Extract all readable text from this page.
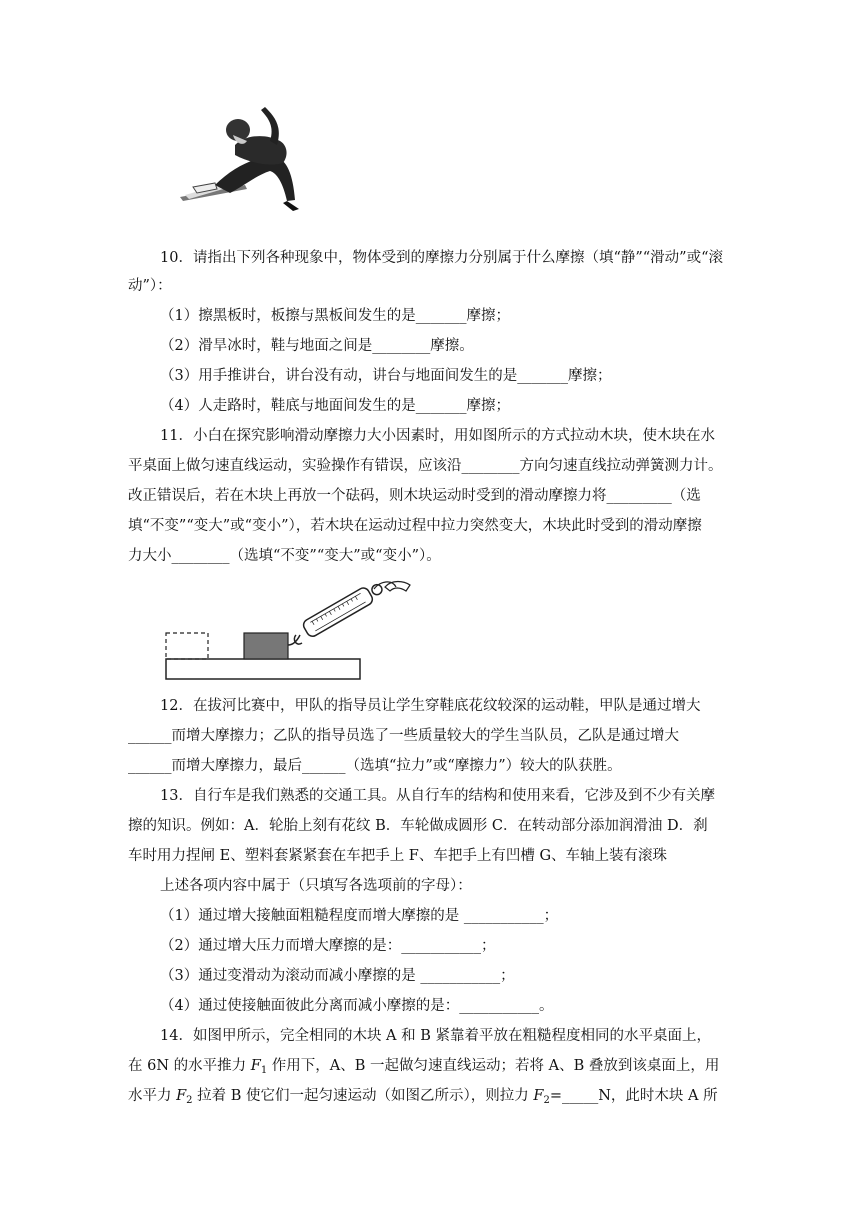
10．请指出下列各种现象中，物体受到的摩擦力分别属于什么摩擦（填“静”“滑动”或“滚
动”）：
（1）擦黑板时，板擦与黑板间发生的是_______摩擦；
（2）滑旱冰时，鞋与地面之间是________摩擦。
（3）用手推讲台，讲台没有动，讲台与地面间发生的是_______摩擦；
（4）人走路时，鞋底与地面间发生的是_______摩擦；
11．小白在探究影响滑动摩擦力大小因素时，用如图所示的方式拉动木块，使木块在水
平桌面上做匀速直线运动，实验操作有错误，应该沿________方向匀速直线拉动弹簧测力计。
改正错误后，若在木块上再放一个砝码，则木块运动时受到的滑动摩擦力将_________（选
填“不变”“变大”或“变小”），若木块在运动过程中拉力突然变大，木块此时受到的滑动摩擦
力大小________（选填“不变”“变大”或“变小”）。
12．在拔河比赛中，甲队的指导员让学生穿鞋底花纹较深的运动鞋，甲队是通过增大
______而增大摩擦力；乙队的指导员选了一些质量较大的学生当队员，乙队是通过增大
______而增大摩擦力，最后______（选填“拉力”或“摩擦力”）较大的队获胜。
13．自行车是我们熟悉的交通工具。从自行车的结构和使用来看，它涉及到不少有关摩
擦的知识。例如：A．轮胎上刻有花纹 B．车轮做成圆形 C．在转动部分添加润滑油 D．刹
车时用力捏闸 E、塑料套紧紧套在车把手上 F、车把手上有凹槽 G、车轴上装有滚珠
上述各项内容中属于（只填写各选项前的字母）：
（1）通过增大接触面粗糙程度而增大摩擦的是 ___________；
（2）通过增大压力而增大摩擦的是：___________；
（3）通过变滑动为滚动而减小摩擦的是 ___________；
（4）通过使接触面彼此分离而减小摩擦的是：___________。
14．如图甲所示，完全相同的木块 A 和 B 紧靠着平放在粗糙程度相同的水平桌面上，
在 6N 的水平推力 $F_1$ 作用下，A、B 一起做匀速直线运动；若将 A、B 叠放到该桌面上，用
水平力 $F_2$ 拉着 B 使它们一起匀速运动（如图乙所示），则拉力 $F_2=\_\_\_\_\_N$，此时木块 A 所
